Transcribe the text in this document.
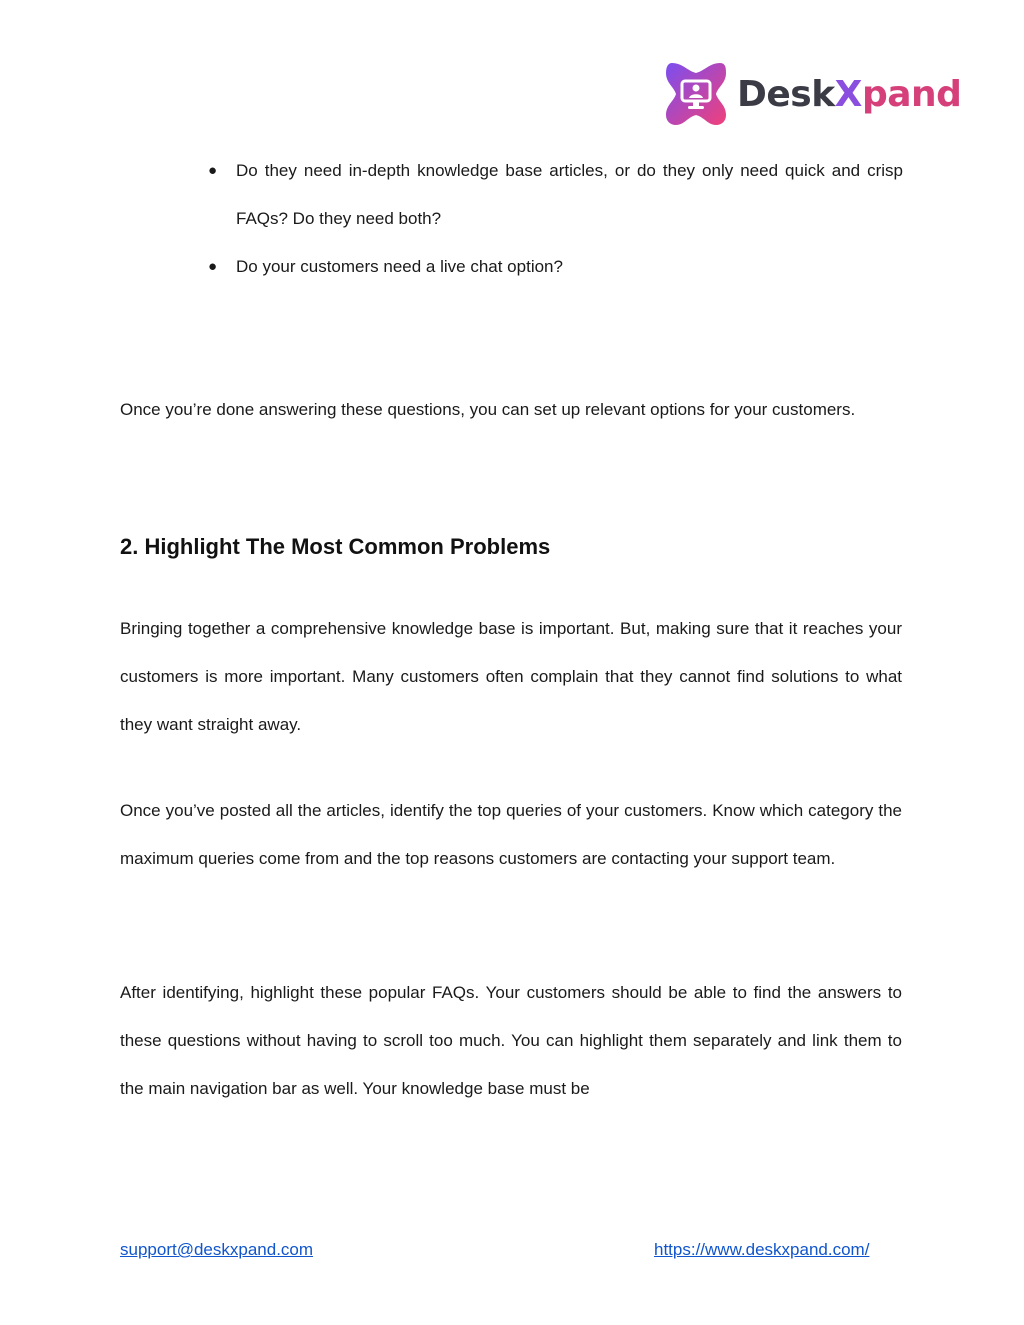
DeskXpand
● Do they need in-depth knowledge base articles, or do they only need quick and crisp FAQs? Do they need both?
● Do your customers need a live chat option?

Once you’re done answering these questions, you can set up relevant options for your customers.

2. Highlight The Most Common Problems

Bringing together a comprehensive knowledge base is important. But, making sure that it reaches your customers is more important. Many customers often complain that they cannot find solutions to what they want straight away.

Once you’ve posted all the articles, identify the top queries of your customers. Know which category the maximum queries come from and the top reasons customers are contacting your support team.

After identifying, highlight these popular FAQs. Your customers should be able to find the answers to these questions without having to scroll too much. You can highlight them separately and link them to the main navigation bar as well. Your knowledge base must be

support@deskxpand.com	https://www.deskxpand.com/
